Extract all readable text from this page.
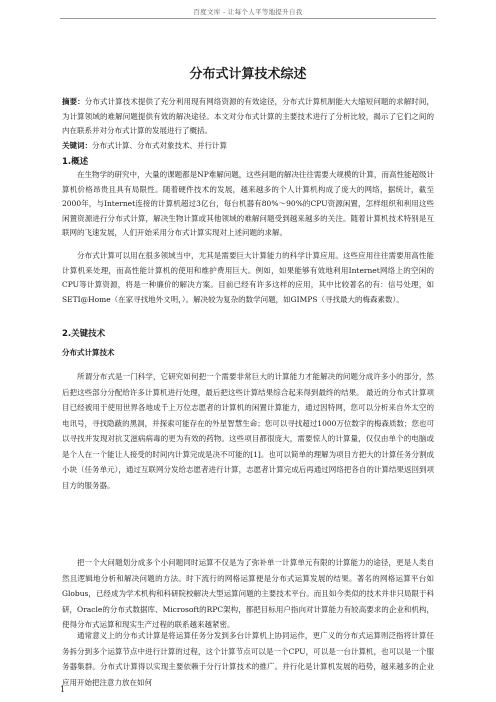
百度文库 - 让每个人平等地提升自我
分布式计算技术综述

摘要：分布式计算技术提供了充分利用现有网络资源的有效途径，分布式计算机制能大大缩短问题的求解时间，为计算领域的难解问题提供有效的解决途径。本文对分布式计算的主要技术进行了分析比较，揭示了它们之间的内在联系并对分布式计算的发展进行了概括。

关键词：分布式计算、分布式对象技术、并行计算

1.概述

在生物学的研究中，大量的课题都是NP难解问题，这些问题的解决往往需要大规模的计算，而高性能超级计算机价格昂贵且具有局限性。随着硬件技术的发展，越来越多的个人计算机构成了庞大的网络，据统计，截至2000年，与Internet连接的计算机超过3亿台，每台机器有80%～90%的CPU资源闲置，怎样组织和利用这些闲置资源进行分布式计算，解决生物计算或其他领域的难解问题受到越来越多的关注。随着计算机技术特别是互联网的飞速发展，人们开始采用分布式计算实现对上述问题的求解。

分布式计算可以用在很多领域当中，尤其是需要巨大计算能力的科学计算应用。这些应用往往需要用高性能计算机来处理，而高性能计算机的使用和维护费用巨大。例如，如果能够有效地利用Internet网络上的空闲的CPU等计算资源，将是一种廉价的解决方案。目前已经有许多这样的应用，其中比较著名的有：信号处理，如SETI@Home（在家寻找地外文明，）。解决较为复杂的数学问题，如GIMPS（寻找最大的梅森素数）。

2.关键技术
分布式计算技术

所谓分布式是一门科学，它研究如何把一个需要非常巨大的计算能力才能解决的问题分成许多小的部分，然后把这些部分分配给许多计算机进行处理，最后把这些计算结果综合起来得到最终的结果。 最近的分布式计算项目已经被用于使用世界各地成千上万位志愿者的计算机的闲置计算能力，通过因特网，您可以分析来自外太空的电讯号，寻找隐蔽的黑洞，并探索可能存在的外星智慧生命；您可以寻找超过1000万位数字的梅森质数；您也可以寻找并发现对抗艾滋病病毒的更为有效的药物。这些项目都很庞大，需要惊人的计算量，仅仅由单个的电脑或是个人在一个能让人接受的时间内计算完成是决不可能的[1]。也可以简单的理解为项目方把大的计算任务分割成小块（任务单元），通过互联网分发给志愿者进行计算，志愿者计算完成后再通过网络把各自的计算结果返回到项目方的服务器。

把一个大问题划分成多个小问题同时运算不仅是为了弥补单一计算单元有限的计算能力的途径，更是人类自然且逻辑地分析和解决问题的方法。时下流行的网格运算便是分布式运算发展的结果。著名的网格运算平台如Globus，已经成为学术机构和科研院校解决大型运算问题的主要技术平台。而且如今类似的技术并非只局限于科研，Oracle的分布式数据库、Microsoft的RPC架构，都把目标用户指向对计算能力有较高要求的企业和机构，使得分布式运算和现实生产过程的联系越来越紧密。

通常意义上的分布式计算是将运算任务分发到多台计算机上协同运作，更广义的分布式运算则泛指将计算任务拆分到多个运算节点中进行计算的过程，这个计算节点可以是一个CPU，可以是一台计算机，也可以是一个服务器集群。分布式计算得以实现主要依赖于分行计算技术的推广。并行化是计算机发展的趋势，越来越多的企业应用开始把注意力放在如何

1
